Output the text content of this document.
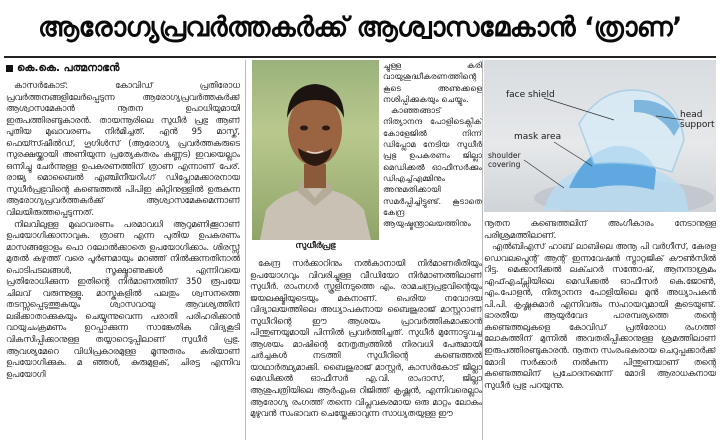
ആരോഗ്യപ്രവർത്തകർക്ക് ആശ്വാസമേകാൻ ‘ത്രാണ’
കെ.കെ. പത്മനാഭൻ

കാസർകോട്: കോവിഡ് പ്രതിരോധ പ്രവർത്തനങ്ങളിലേർപ്പെടുന്ന ആരോഗ്യപ്രവർത്തകർക്ക് ആശ്വാസമേകാൻ നൂതന ഉപാധിയുമായി ഇരുപത്തിരണ്ടുകാരൻ. തായന്നൂരിലെ സുധീർ പ്രഭു ആണ് പുതിയ മുഖാവരണം നിർമിച്ചത്. എൻ 95 മാസ്ക്, ഫെയ്സ്ഷീൽഡ്, ഗൂഗിൾസ് (ആരോഗ്യ പ്രവർത്തകരുടെ സുരക്ഷയ്ക്കായി അണിയുന്ന പ്രത്യേകതരം കണ്ണട) ഇവയെല്ലാം ഒന്നിച്ചു ചേർന്നുള്ള ഉപകരണത്തിന് ത്രാണ എന്നാണ് പേര്. രാജ്യ മൊബൈൽ എഞ്ചിനീയറിംഗ് ഡിപ്ലോമക്കാരനായ സുധീർപ്രഭുവിന്റെ കണ്ടെത്തൽ പിപിഇ കിറ്റിനുള്ളിൽ ഉരുകുന്ന ആരോഗ്യപ്രവർത്തകർക്ക് ആശ്വാസമേകുമെന്നാണ് വിലയിരുത്തപ്പെടുന്നത്.

നിലവിലുള്ള മുഖാവരണം പരമാവധി ആറുമണിക്കൂറാണ് ഉപയോഗിക്കാനാവുക. ത്രാണ എന്ന പുതിയ ഉപകരണം മാസങ്ങളോളം പൊ റലോൽക്കാതെ ഉപയോഗിക്കാം. ശിരസ്സ് മുതൽ കഴുത്ത് വരെ പൂർണമായും മറഞ്ഞ് നിൽക്കുന്നതിനാൽ പൊടിപടലങ്ങൾ, സൂക്ഷ്മാണുക്കൾ എന്നിവയെ പ്രതിരോധിക്കുന്ന ഇതിന്റെ നിർമാണത്തിന് 350 രൂപയേ ചിലവ് വരുന്നുള്ളു. മാസ്കുകളിൽ പലതും ശ്വസനത്തെ തടസ്സപ്പെടുത്തുകയും ശ്വാസവായു ആവശ്യത്തിന് ലഭിക്കാതാക്കുകയും ചെയ്യുന്നുവെന്ന പരാതി പരിഹരിക്കാൻ വായുചംക്രമണം ഉറപ്പാക്കുന്ന സാങ്കേതിക വിദ്യകൂടി വികസിപ്പിക്കാനുള്ള തയ്യാറെടുപ്പിലാണ് സുധീർ പ്രഭു. ആവശ്യമേറെ വിധിപ്രകാരമുള്ള മൂന്നുതരം കരിയാണ് ഉപയോഗിക്കുക. മ ഞ്ഞൾ, കുരുമുളക്, ചിരട്ട എന്നിവ ഉപയോഗി

സുധീർപ്രഭു

ച്ചുള്ള കരി വായുശുദ്ധീകരണത്തിന്റെ കൂടെ അണുക്കളെ നശിപ്പിക്കുകയും ചെയ്യും.

കാഞ്ഞങ്ങാട് നിത്യാനന്ദ പോളിടെക്നിക് കോളേജിൽ നിന്ന് ഡിപ്ലോമ നേടിയ സുധീർ പ്രഭു ഉപകരണം ജില്ലാ മെഡിക്കൽ ഓഫീസർക്കും ഡിഎച്ച്എമ്മിനും അനുമതിക്കായി സമർപ്പിച്ചിട്ടുണ്ട്. കൂടാതെ കേന്ദ്ര ആയുഷ്മന്ത്രാലയത്തിനും

കേന്ദ്ര സർക്കാറിനും നൽകാനായി നിർമാണരീതിയും ഉപയോഗവും വിവരിച്ചുള്ള വീഡിയോ നിർമാണത്തിലാണ് സുധീർ. രാംനഗർ സ്കൂളിനടുത്തെ എം. രാമചന്ദ്രപ്രഭുവിന്റെയും ജയലക്ഷ്മിയുടെയും മകനാണ്. പെരിയ നവോദയ വിദ്യാലയത്തിലെ അധ്യാപകനായ ബൈജൂരാജ് മാസ്റ്ററാണ് സുധീറിന്റെ ഈ ആശയം പ്രാവർത്തികമാക്കാൻ പിന്തുണയുമായി പിന്നിൽ പ്രവർത്തിച്ചത്. സുധീർ മുന്നോട്ടുവച്ച ആശയം മാഷിന്റെ നേതൃത്വത്തിൽ നിരവധി പേരുമായി ചർച്ചകൾ നടത്തി സുധീറിന്റെ കണ്ടെത്തൽ യാഥാർത്ഥ്യമാക്കി. ബൈജൂരാജ് മാസ്റ്റർ, കാസർകോട് ജില്ലാ മെഡിക്കൽ ഓഫീസർ എ.വി. രാംദാസ്, ജില്ലാ ആശുപത്രിയിലെ ആർഎംഒ റിജിത്ത് കൃഷ്ണൻ, എന്നിവരെല്ലാം ആരോഗ്യ രംഗത്ത് തന്നെ വിപ്ലവകരമായ ഒരു മാറ്റം ലോകം മുഴുവൻ സംഭാവന ചെയ്തേക്കാവുന്ന സാധ്യതയുള്ള ഈ

face shield
head support
mask area
shoulder covering

നൂതന കണ്ടെത്തലിന് അംഗീകാരം നേടാനുള്ള പരിശ്രമത്തിലാണ്.

എൽബിഎസ് ഹാബ് ലാബിലെ അനൂ പി വർഗീസ്, കേരള ഡെവലപ്മെന്റ് ആന്റ് ഇന്നവേഷൻ സ്ട്രാറ്റജിക് കൗൺസിൽ റിട്ട. മെക്കാനിക്കൽ ലക്ചറർ സന്തോഷ്, ആനന്ദാശ്രമം എഫ്എച്ച്സിയിലെ മെഡിക്കൽ ഓഫീസർ കെ.ജോൺ, എം.പോളൻ, നിത്യാനന്ദ പോളിയിലെ മുൻ അധ്യാപകൻ പി.പി. കൃഷ്ണകുമാർ എന്നിവരും സഹായവുമായി കൂടെയുണ്ട്. ഭാരതീയ ആയുർവേദ പാരമ്പര്യത്തെ തന്റെ കണ്ടെത്തലുകളെ കോവിഡ് പ്രതിരോധ രംഗത്ത് ലോകത്തിന് മുന്നിൽ അവതരിപ്പിക്കാനുള്ള ശ്രമത്തിലാണ് ഇരുപത്തിരണ്ടുകാരൻ. നൂതന സംരംഭകരായ ചെറുപ്പക്കാർക്ക് മോദി സർക്കാർ നൽകുന്ന പിന്തുണയാണ് തന്റെ കണ്ടെത്തലിന് പ്രചോദനമെന്ന് മോദി ആരാധകനായ സുധീർ പ്രഭു പറയുന്നു.
